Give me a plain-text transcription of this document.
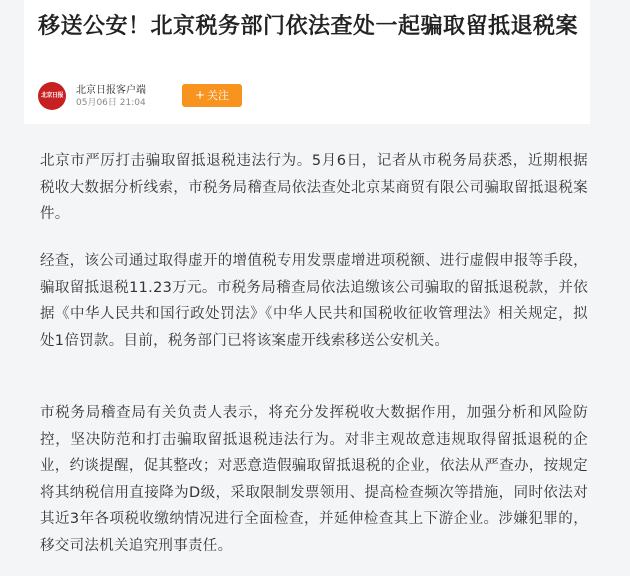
移送公安！北京税务部门依法查处一起骗取留抵退税案
北京日报 北京日报客户端
05月06日 21:04
+ 关注

北京市严厉打击骗取留抵退税违法行为。5月6日，记者从市税务局获悉，近期根据税收大数据分析线索，市税务局稽查局依法查处北京某商贸有限公司骗取留抵退税案件。

经查，该公司通过取得虚开的增值税专用发票虚增进项税额、进行虚假申报等手段，骗取留抵退税11.23万元。市税务局稽查局依法追缴该公司骗取的留抵退税款，并依据《中华人民共和国行政处罚法》《中华人民共和国税收征收管理法》相关规定，拟处1倍罚款。目前，税务部门已将该案虚开线索移送公安机关。

市税务局稽查局有关负责人表示，将充分发挥税收大数据作用，加强分析和风险防控，坚决防范和打击骗取留抵退税违法行为。对非主观故意违规取得留抵退税的企业，约谈提醒，促其整改；对恶意造假骗取留抵退税的企业，依法从严查办，按规定将其纳税信用直接降为D级，采取限制发票领用、提高检查频次等措施，同时依法对其近3年各项税收缴纳情况进行全面检查，并延伸检查其上下游企业。涉嫌犯罪的，移交司法机关追究刑事责任。
